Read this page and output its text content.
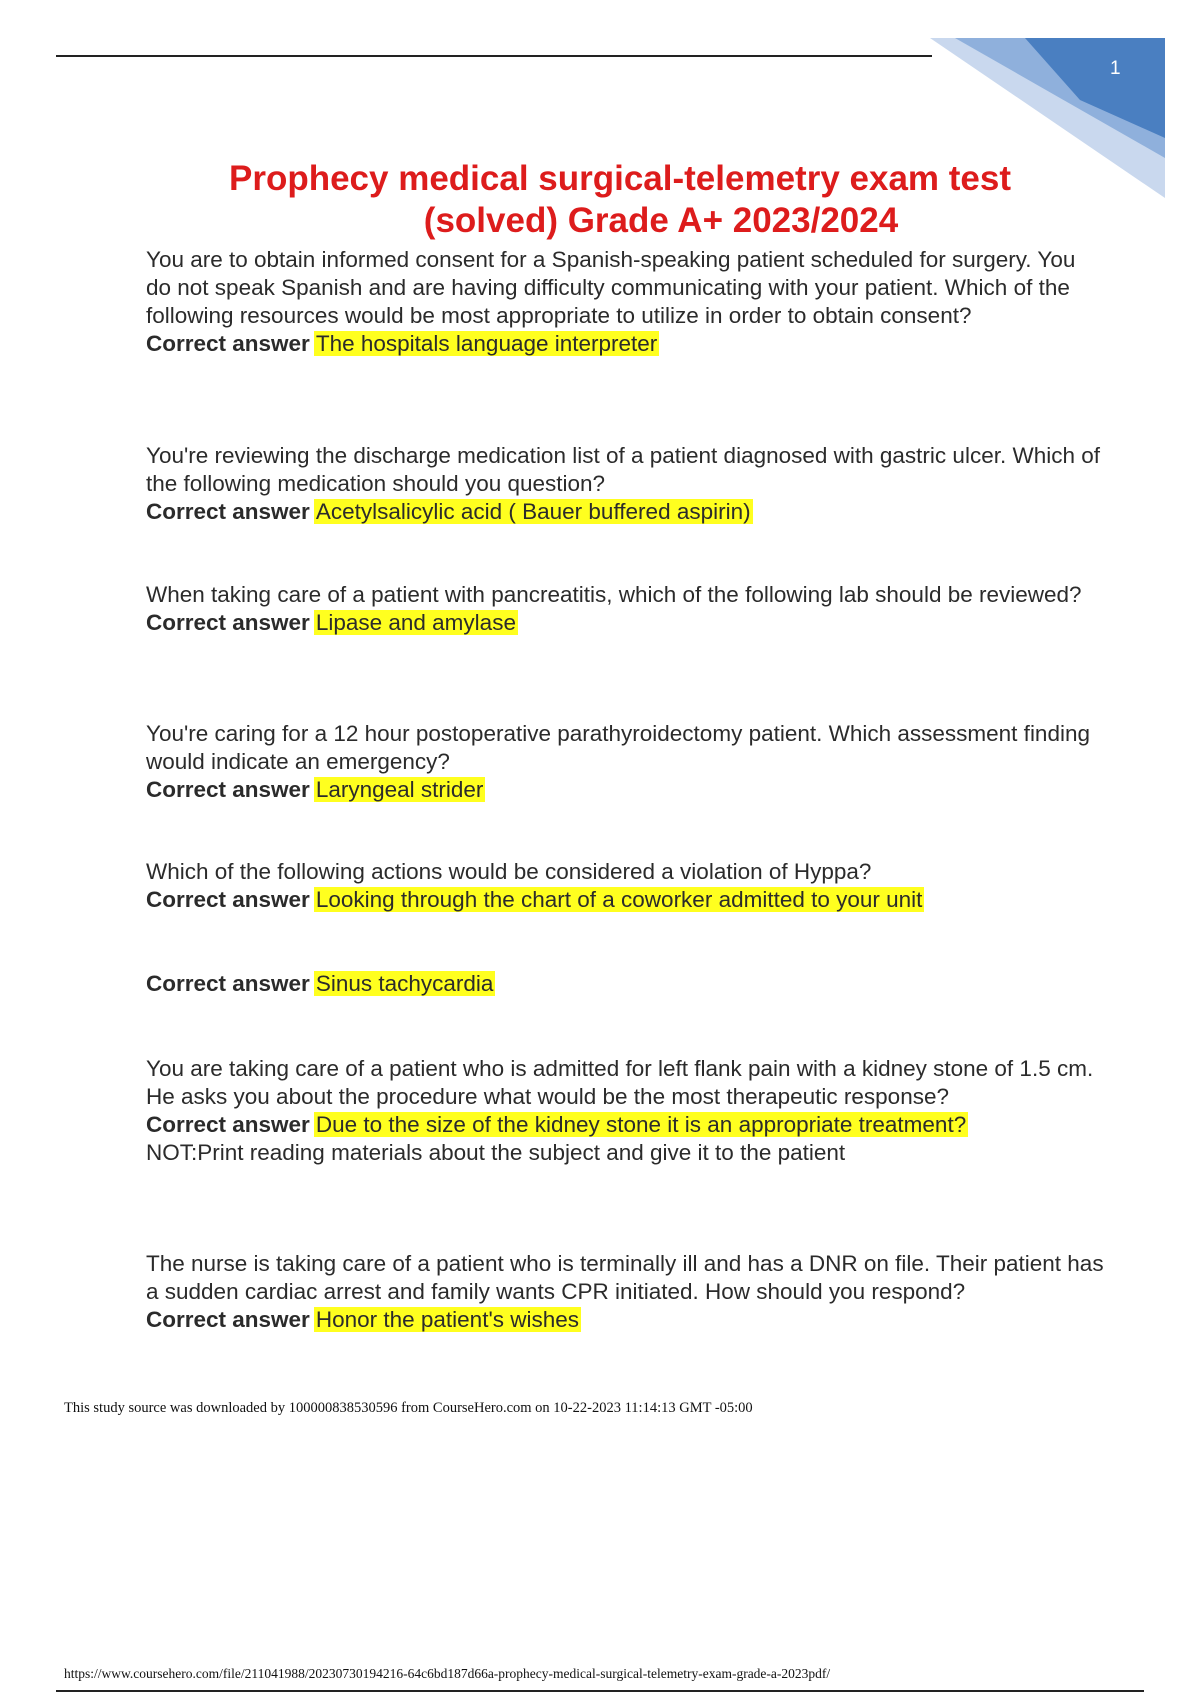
1
Prophecy medical surgical-telemetry exam test
(solved) Grade A+ 2023/2024

You are to obtain informed consent for a Spanish-speaking patient scheduled for surgery. You do not speak Spanish and are having difficulty communicating with your patient. Which of the following resources would be most appropriate to utilize in order to obtain consent?

Correct answer The hospitals language interpreter

You're reviewing the discharge medication list of a patient diagnosed with gastric ulcer. Which of the following medication should you question?

Correct answer Acetylsalicylic acid ( Bauer buffered aspirin)

When taking care of a patient with pancreatitis, which of the following lab should be reviewed?

Correct answer Lipase and amylase

You're caring for a 12 hour postoperative parathyroidectomy patient. Which assessment finding would indicate an emergency?

Correct answer Laryngeal strider

Which of the following actions would be considered a violation of Hyppa?

Correct answer Looking through the chart of a coworker admitted to your unit

Correct answer Sinus tachycardia

You are taking care of a patient who is admitted for left flank pain with a kidney stone of 1.5 cm. He asks you about the procedure what would be the most therapeutic response?

Correct answer Due to the size of the kidney stone it is an appropriate treatment?

NOT:Print reading materials about the subject and give it to the patient

The nurse is taking care of a patient who is terminally ill and has a DNR on file. Their patient has a sudden cardiac arrest and family wants CPR initiated. How should you respond?

Correct answer Honor the patient's wishes

This study source was downloaded by 100000838530596 from CourseHero.com on 10-22-2023 11:14:13 GMT -05:00
https://www.coursehero.com/file/211041988/20230730194216-64c6bd187d66a-prophecy-medical-surgical-telemetry-exam-grade-a-2023pdf/
